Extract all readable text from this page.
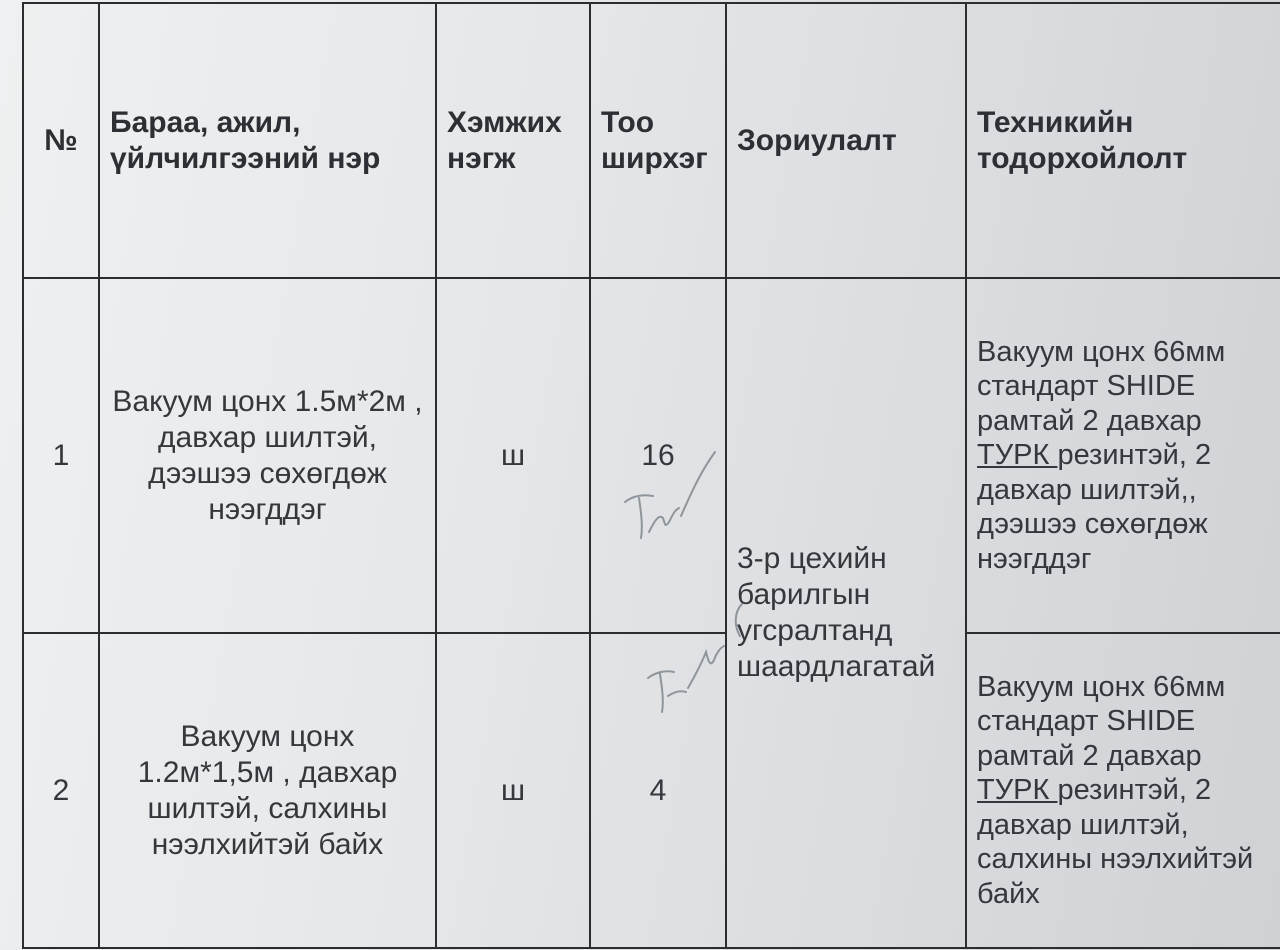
№	Бараа, ажил, үйлчилгээний нэр	Хэмжих нэгж	Тоо ширхэг	Зориулалт	Техникийн тодорхойлолт
1	Вакуум цонх 1.5м*2м , давхар шилтэй, дээшээ сөхөгдөж нээгддэг	ш	16	3-р цехийн барилгын угсралтанд шаардлагатай	Вакуум цонх 66мм стандарт SHIDE рамтай 2 давхар ТУРК резинтэй, 2 давхар шилтэй,, дээшээ сөхөгдөж нээгддэг
2	Вакуум цонх 1.2м*1,5м , давхар шилтэй, салхины нээлхийтэй байх	ш	4		Вакуум цонх 66мм стандарт SHIDE рамтай 2 давхар ТУРК резинтэй, 2 давхар шилтэй, салхины нээлхийтэй байх
